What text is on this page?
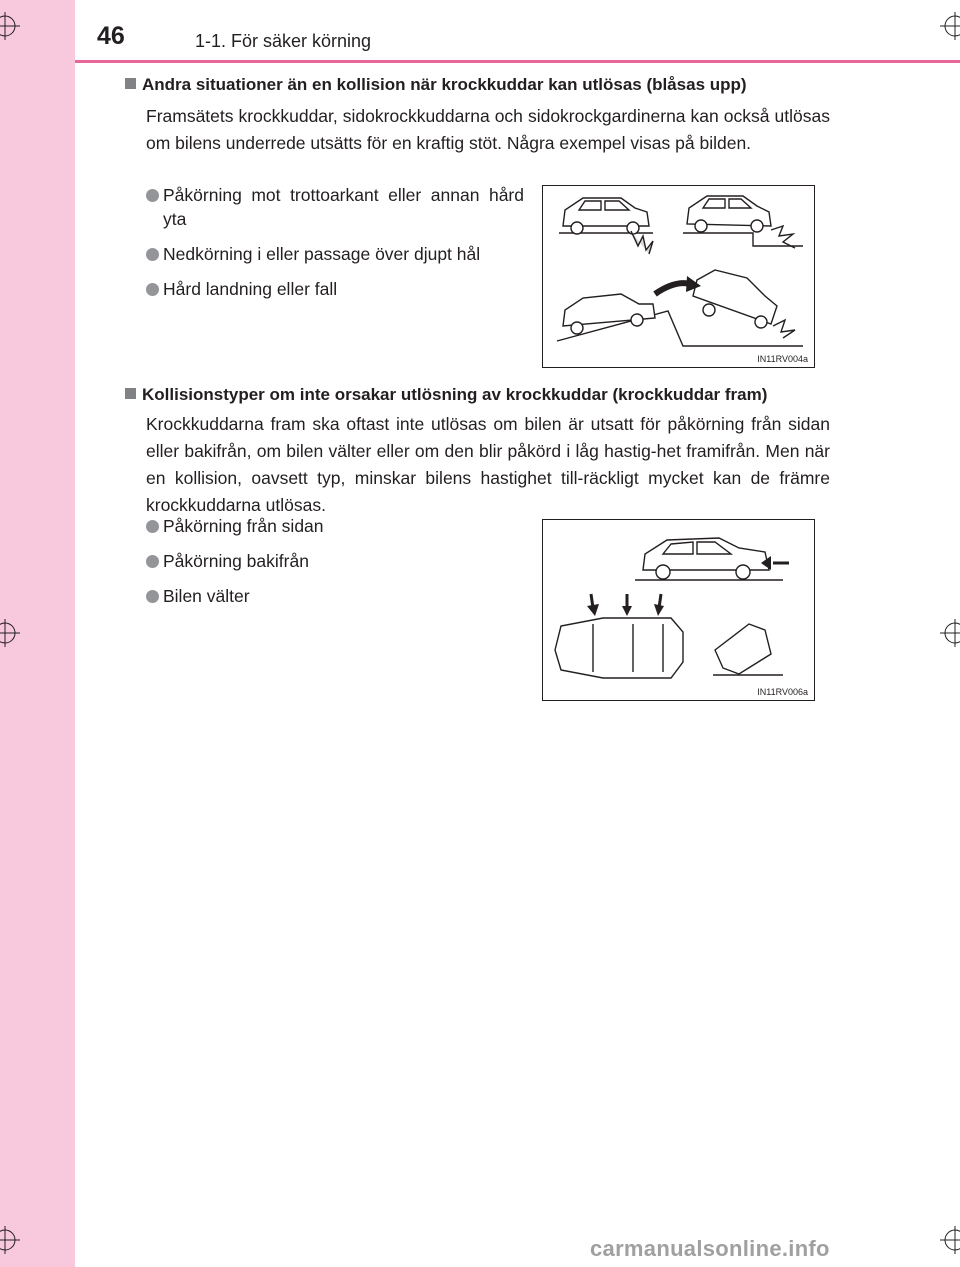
46	1-1. För säker körning
Andra situationer än en kollision när krockkuddar kan utlösas (blåsas upp)
Framsätets krockkuddar, sidokrockkuddarna och sidokrockgardinerna kan också utlösas om bilens underrede utsätts för en kraftig stöt. Några exempel visas på bilden.
Påkörning mot trottoarkant eller annan hård yta
Nedkörning i eller passage över djupt hål
Hård landning eller fall
IN11RV004a
Kollisionstyper om inte orsakar utlösning av krockkuddar (krockkuddar fram)
Krockkuddarna fram ska oftast inte utlösas om bilen är utsatt för påkörning från sidan eller bakifrån, om bilen välter eller om den blir påkörd i låg hastig-het framifrån. Men när en kollision, oavsett typ, minskar bilens hastighet till-räckligt mycket kan de främre krockkuddarna utlösas.
Påkörning från sidan
Påkörning bakifrån
Bilen välter
IN11RV006a
carmanualsonline.info
